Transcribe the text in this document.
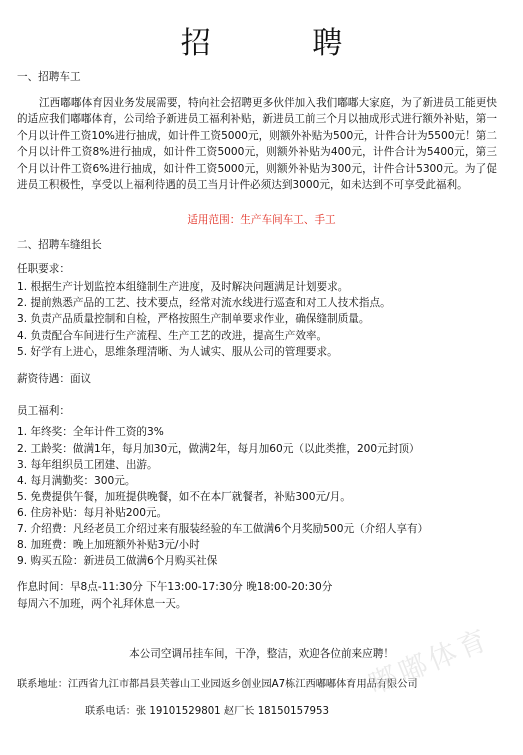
招 聘
一、招聘车工
江西嘟嘟体育因业务发展需要，特向社会招聘更多伙伴加入我们嘟嘟大家庭，为了新进员工能更快的适应我们嘟嘟体育，公司给予新进员工福利补贴，新进员工前三个月以抽成形式进行额外补贴，第一个月以计件工资10%进行抽成，如计件工资5000元，则额外补贴为500元，计件合计为5500元！第二个月以计件工资8%进行抽成，如计件工资5000元，则额外补贴为400元，计件合计为5400元，第三个月以计件工资6%进行抽成，如计件工资5000元，则额外补贴为300元，计件合计5300元。为了促进员工积极性，享受以上福利待遇的员工当月计件必须达到3000元，如未达到不可享受此福利。
适用范围：生产车间车工、手工
二、招聘车缝组长
任职要求：
1. 根据生产计划监控本组缝制生产进度，及时解决问题满足计划要求。
2. 提前熟悉产品的工艺、技术要点，经常对流水线进行巡查和对工人技术指点。
3. 负责产品质量控制和自检，严格按照生产制单要求作业，确保缝制质量。
4. 负责配合车间进行生产流程、生产工艺的改进，提高生产效率。
5. 好学有上进心，思维条理清晰、为人诚实、服从公司的管理要求。
薪资待遇：面议
员工福利：
1. 年终奖：全年计件工资的3%
2. 工龄奖：做满1年，每月加30元，做满2年，每月加60元（以此类推，200元封顶）
3. 每年组织员工团建、出游。
4. 每月满勤奖：300元。
5. 免费提供午餐，加班提供晚餐，如不在本厂就餐者，补贴300元/月。
6. 住房补贴：每月补贴200元。
7. 介绍费：凡经老员工介绍过来有服装经验的车工做满6个月奖励500元（介绍人享有）
8. 加班费：晚上加班额外补贴3元/小时
9. 购买五险：新进员工做满6个月购买社保
作息时间：早8点-11:30分 下午13:00-17:30分 晚18:00-20:30分
每周六不加班，两个礼拜休息一天。
本公司空调吊挂车间，干净，整洁，欢迎各位前来应聘！
联系地址：江西省九江市都昌县芙蓉山工业园返乡创业园A7栋江西嘟嘟体育用品有限公司
联系电话：张 19101529801 赵厂长 18150157953
嘟嘟体育
